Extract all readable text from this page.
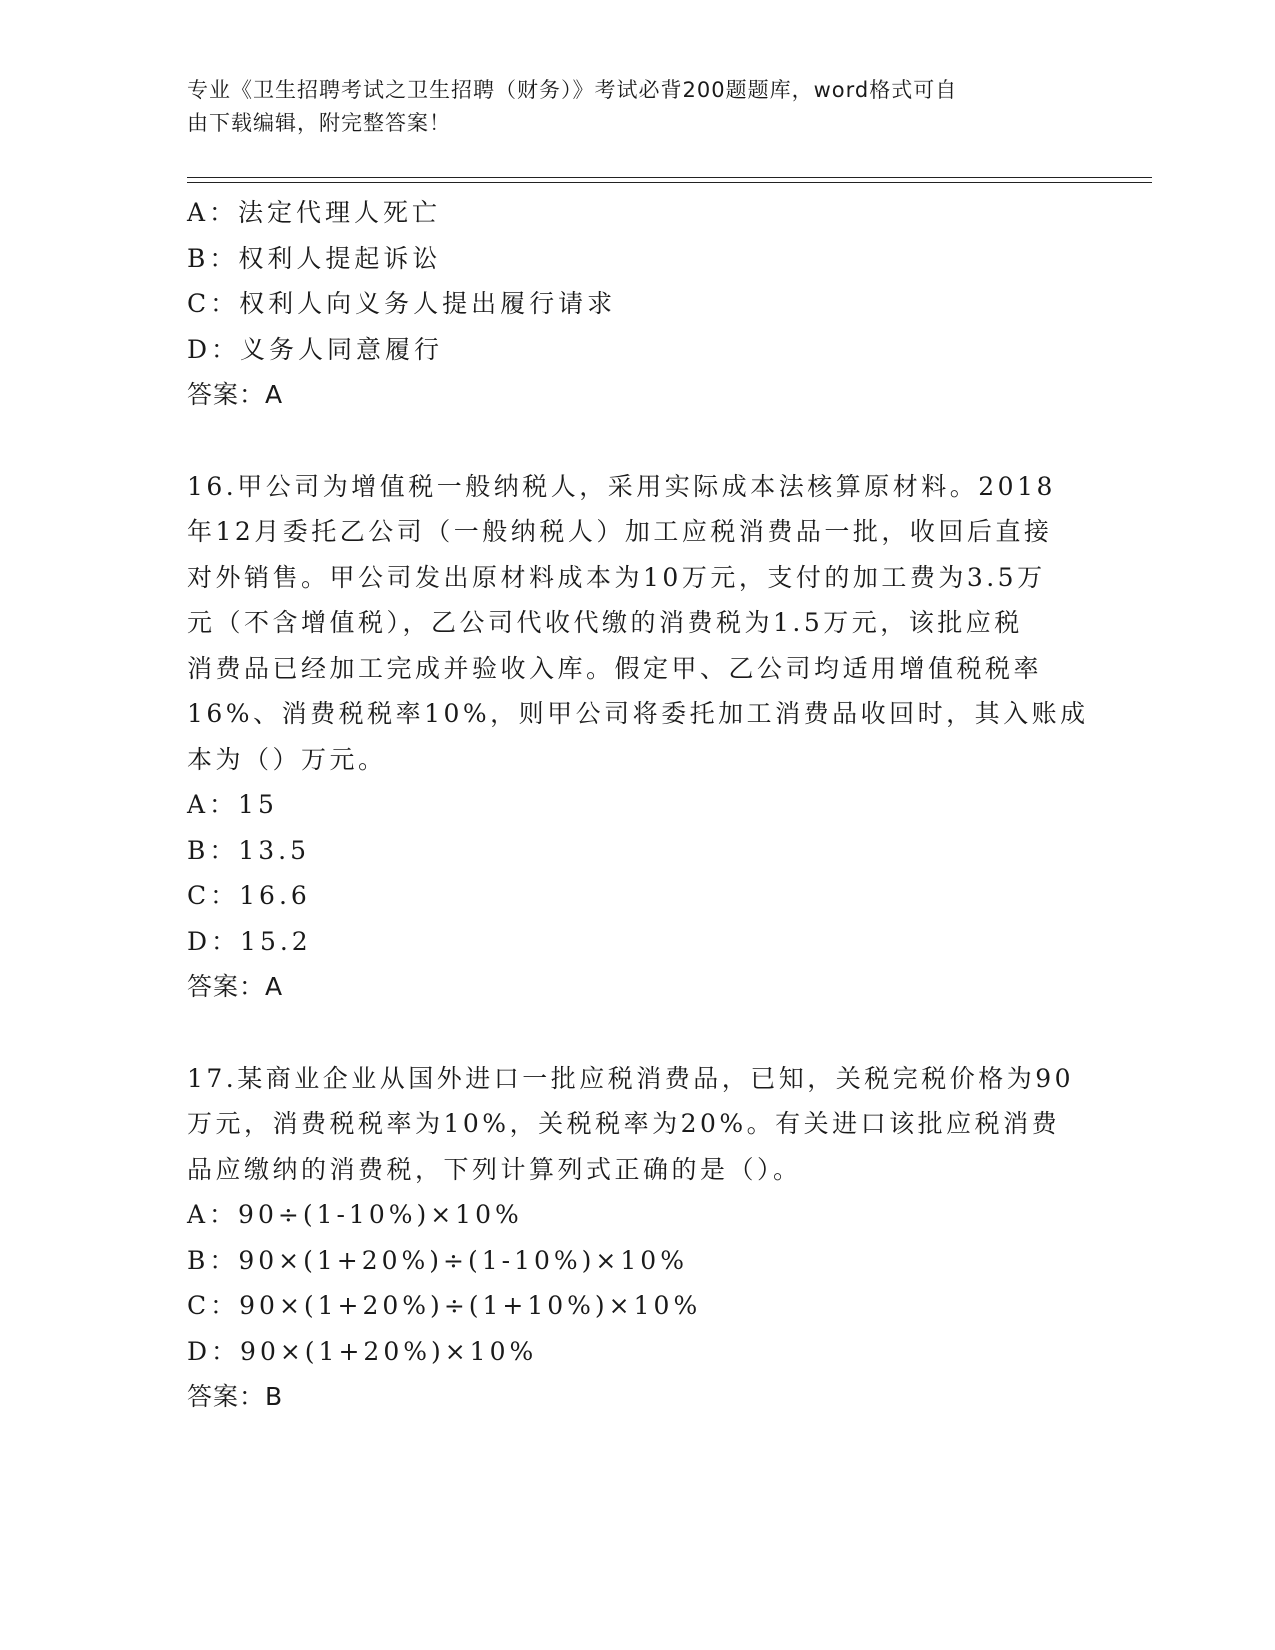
专业《卫生招聘考试之卫生招聘（财务）》考试必背200题题库，word格式可自
由下载编辑，附完整答案！
A：法定代理人死亡
B：权利人提起诉讼
C：权利人向义务人提出履行请求
D：义务人同意履行
答案：A
16.甲公司为增值税一般纳税人，采用实际成本法核算原材料。2018
年12月委托乙公司（一般纳税人）加工应税消费品一批，收回后直接
对外销售。甲公司发出原材料成本为10万元，支付的加工费为3.5万
元（不含增值税），乙公司代收代缴的消费税为1.5万元，该批应税
消费品已经加工完成并验收入库。假定甲、乙公司均适用增值税税率
16%、消费税税率10%，则甲公司将委托加工消费品收回时，其入账成
本为（）万元。
A：15
B：13.5
C：16.6
D：15.2
答案：A
17.某商业企业从国外进口一批应税消费品，已知，关税完税价格为90
万元，消费税税率为10%，关税税率为20%。有关进口该批应税消费
品应缴纳的消费税，下列计算列式正确的是（）。
A：90÷(1-10%)×10%
B：90×(1+20%)÷(1-10%)×10%
C：90×(1+20%)÷(1+10%)×10%
D：90×(1+20%)×10%
答案：B
